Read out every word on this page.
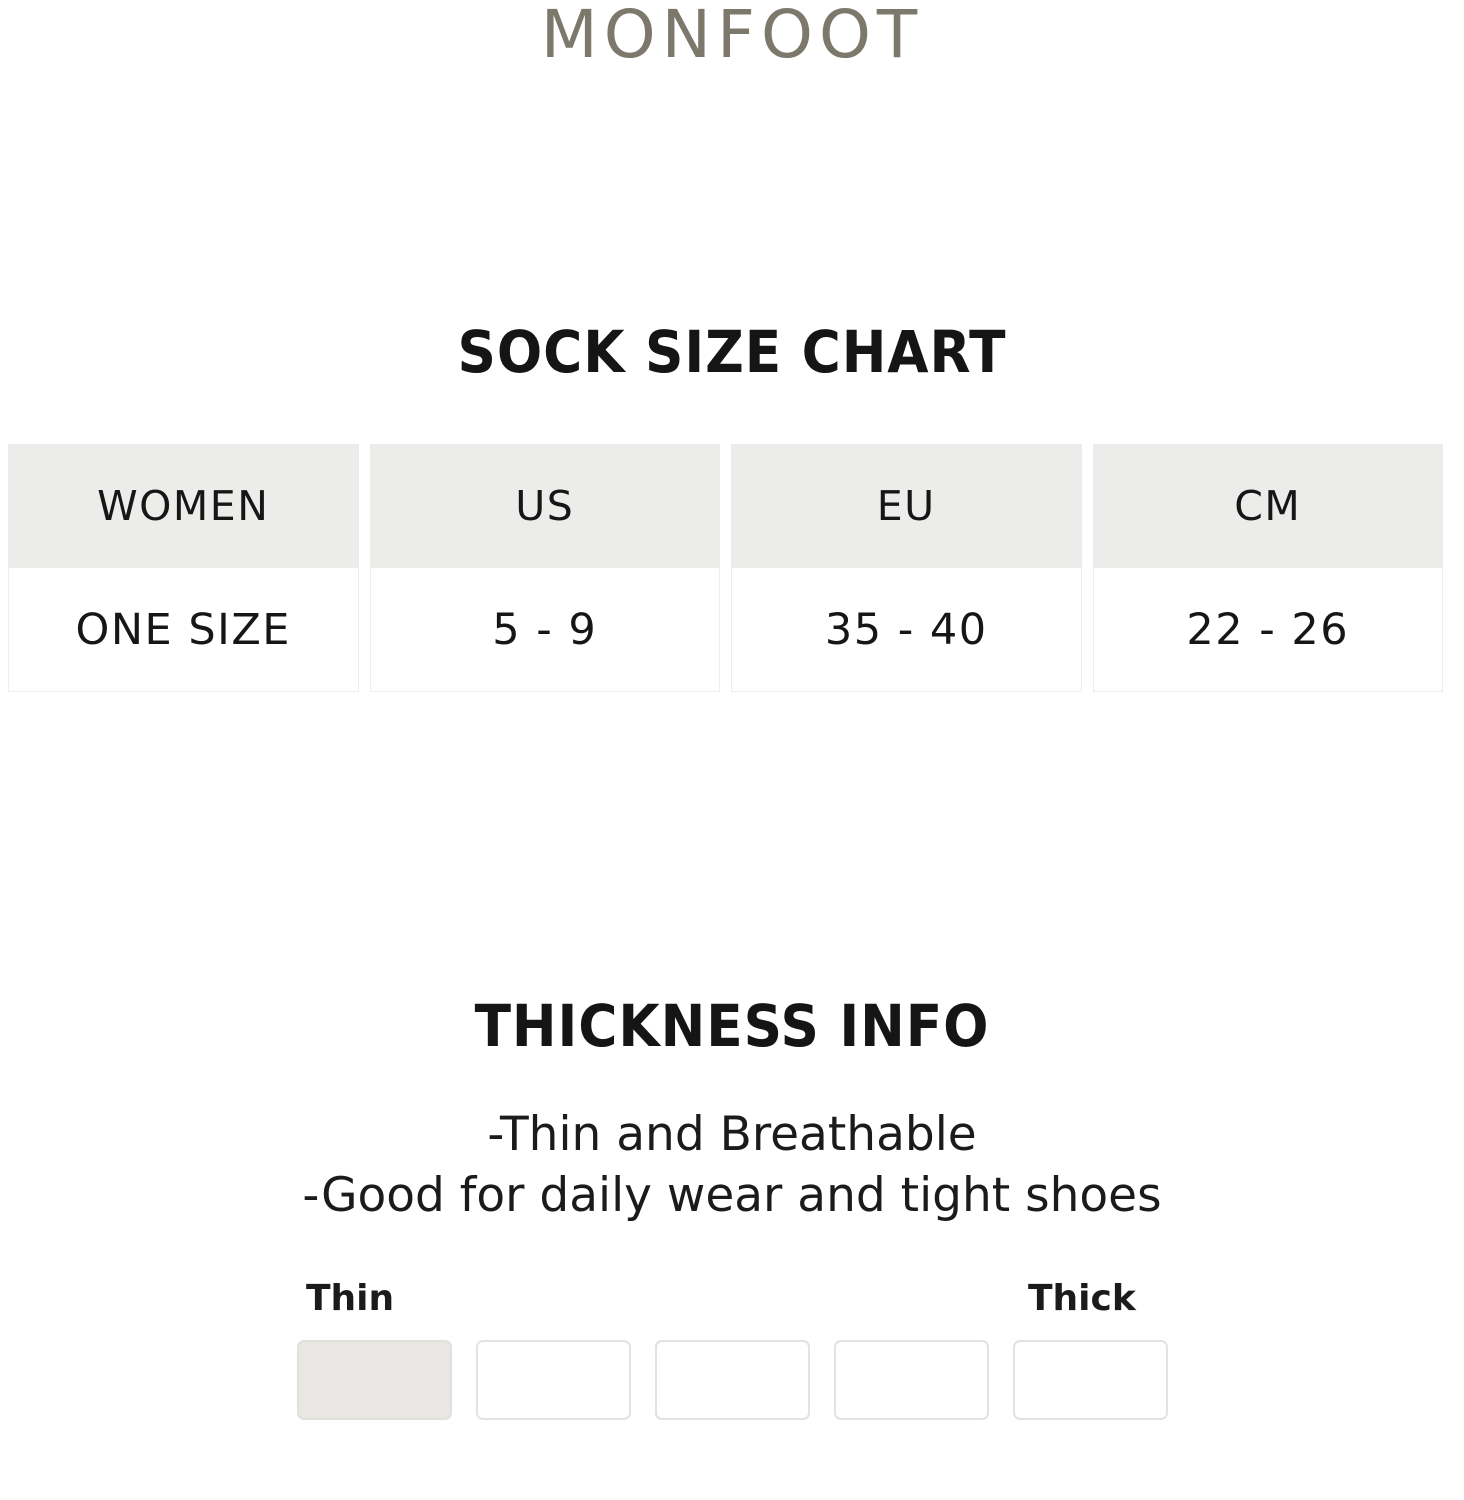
MONFOOT
SOCK SIZE CHART
WOMEN
ONE SIZE
US
5 - 9
EU
35 - 40
CM
22 - 26
THICKNESS INFO
-Thin and Breathable
-Good for daily wear and tight shoes
Thin	Thick
